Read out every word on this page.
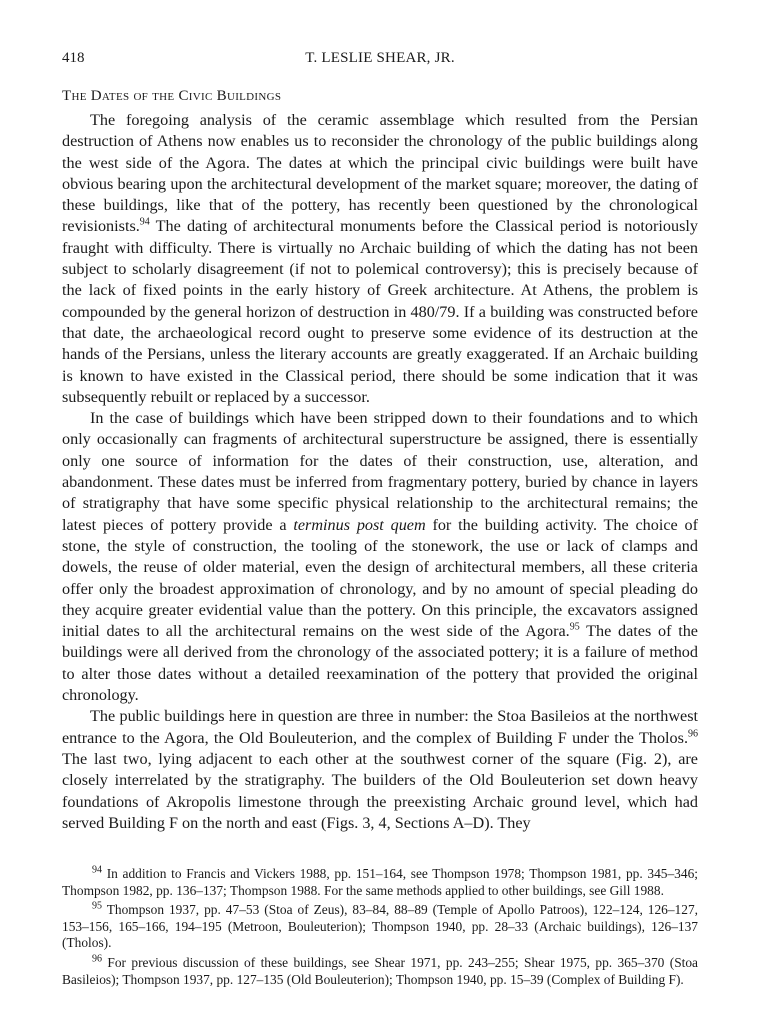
418	T. LESLIE SHEAR, JR.
The Dates of the Civic Buildings

The foregoing analysis of the ceramic assemblage which resulted from the Persian destruction of Athens now enables us to reconsider the chronology of the public buildings along the west side of the Agora. The dates at which the principal civic buildings were built have obvious bearing upon the architectural development of the market square; moreover, the dating of these buildings, like that of the pottery, has recently been questioned by the chronological revisionists.$^{94}$ The dating of architectural monuments before the Classical period is notoriously fraught with difficulty. There is virtually no Archaic building of which the dating has not been subject to scholarly disagreement (if not to polemical controversy); this is precisely because of the lack of fixed points in the early history of Greek architecture. At Athens, the problem is compounded by the general horizon of destruction in 480/79. If a building was constructed before that date, the archaeological record ought to preserve some evidence of its destruction at the hands of the Persians, unless the literary accounts are greatly exaggerated. If an Archaic building is known to have existed in the Classical period, there should be some indication that it was subsequently rebuilt or replaced by a successor.

In the case of buildings which have been stripped down to their foundations and to which only occasionally can fragments of architectural superstructure be assigned, there is essentially only one source of information for the dates of their construction, use, alteration, and abandonment. These dates must be inferred from fragmentary pottery, buried by chance in layers of stratigraphy that have some specific physical relationship to the architectural remains; the latest pieces of pottery provide a terminus post quem for the building activity. The choice of stone, the style of construction, the tooling of the stonework, the use or lack of clamps and dowels, the reuse of older material, even the design of architectural members, all these criteria offer only the broadest approximation of chronology, and by no amount of special pleading do they acquire greater evidential value than the pottery. On this principle, the excavators assigned initial dates to all the architectural remains on the west side of the Agora.$^{95}$ The dates of the buildings were all derived from the chronology of the associated pottery; it is a failure of method to alter those dates without a detailed reexamination of the pottery that provided the original chronology.

The public buildings here in question are three in number: the Stoa Basileios at the northwest entrance to the Agora, the Old Bouleuterion, and the complex of Building F under the Tholos.$^{96}$ The last two, lying adjacent to each other at the southwest corner of the square (Fig. 2), are closely interrelated by the stratigraphy. The builders of the Old Bouleuterion set down heavy foundations of Akropolis limestone through the preexisting Archaic ground level, which had served Building F on the north and east (Figs. 3, 4, Sections A–D). They

$^{94}$ In addition to Francis and Vickers 1988, pp. 151–164, see Thompson 1978; Thompson 1981, pp. 345–346; Thompson 1982, pp. 136–137; Thompson 1988. For the same methods applied to other buildings, see Gill 1988.

$^{95}$ Thompson 1937, pp. 47–53 (Stoa of Zeus), 83–84, 88–89 (Temple of Apollo Patroos), 122–124, 126–127, 153–156, 165–166, 194–195 (Metroon, Bouleuterion); Thompson 1940, pp. 28–33 (Archaic buildings), 126–137 (Tholos).

$^{96}$ For previous discussion of these buildings, see Shear 1971, pp. 243–255; Shear 1975, pp. 365–370 (Stoa Basileios); Thompson 1937, pp. 127–135 (Old Bouleuterion); Thompson 1940, pp. 15–39 (Complex of Building F).
